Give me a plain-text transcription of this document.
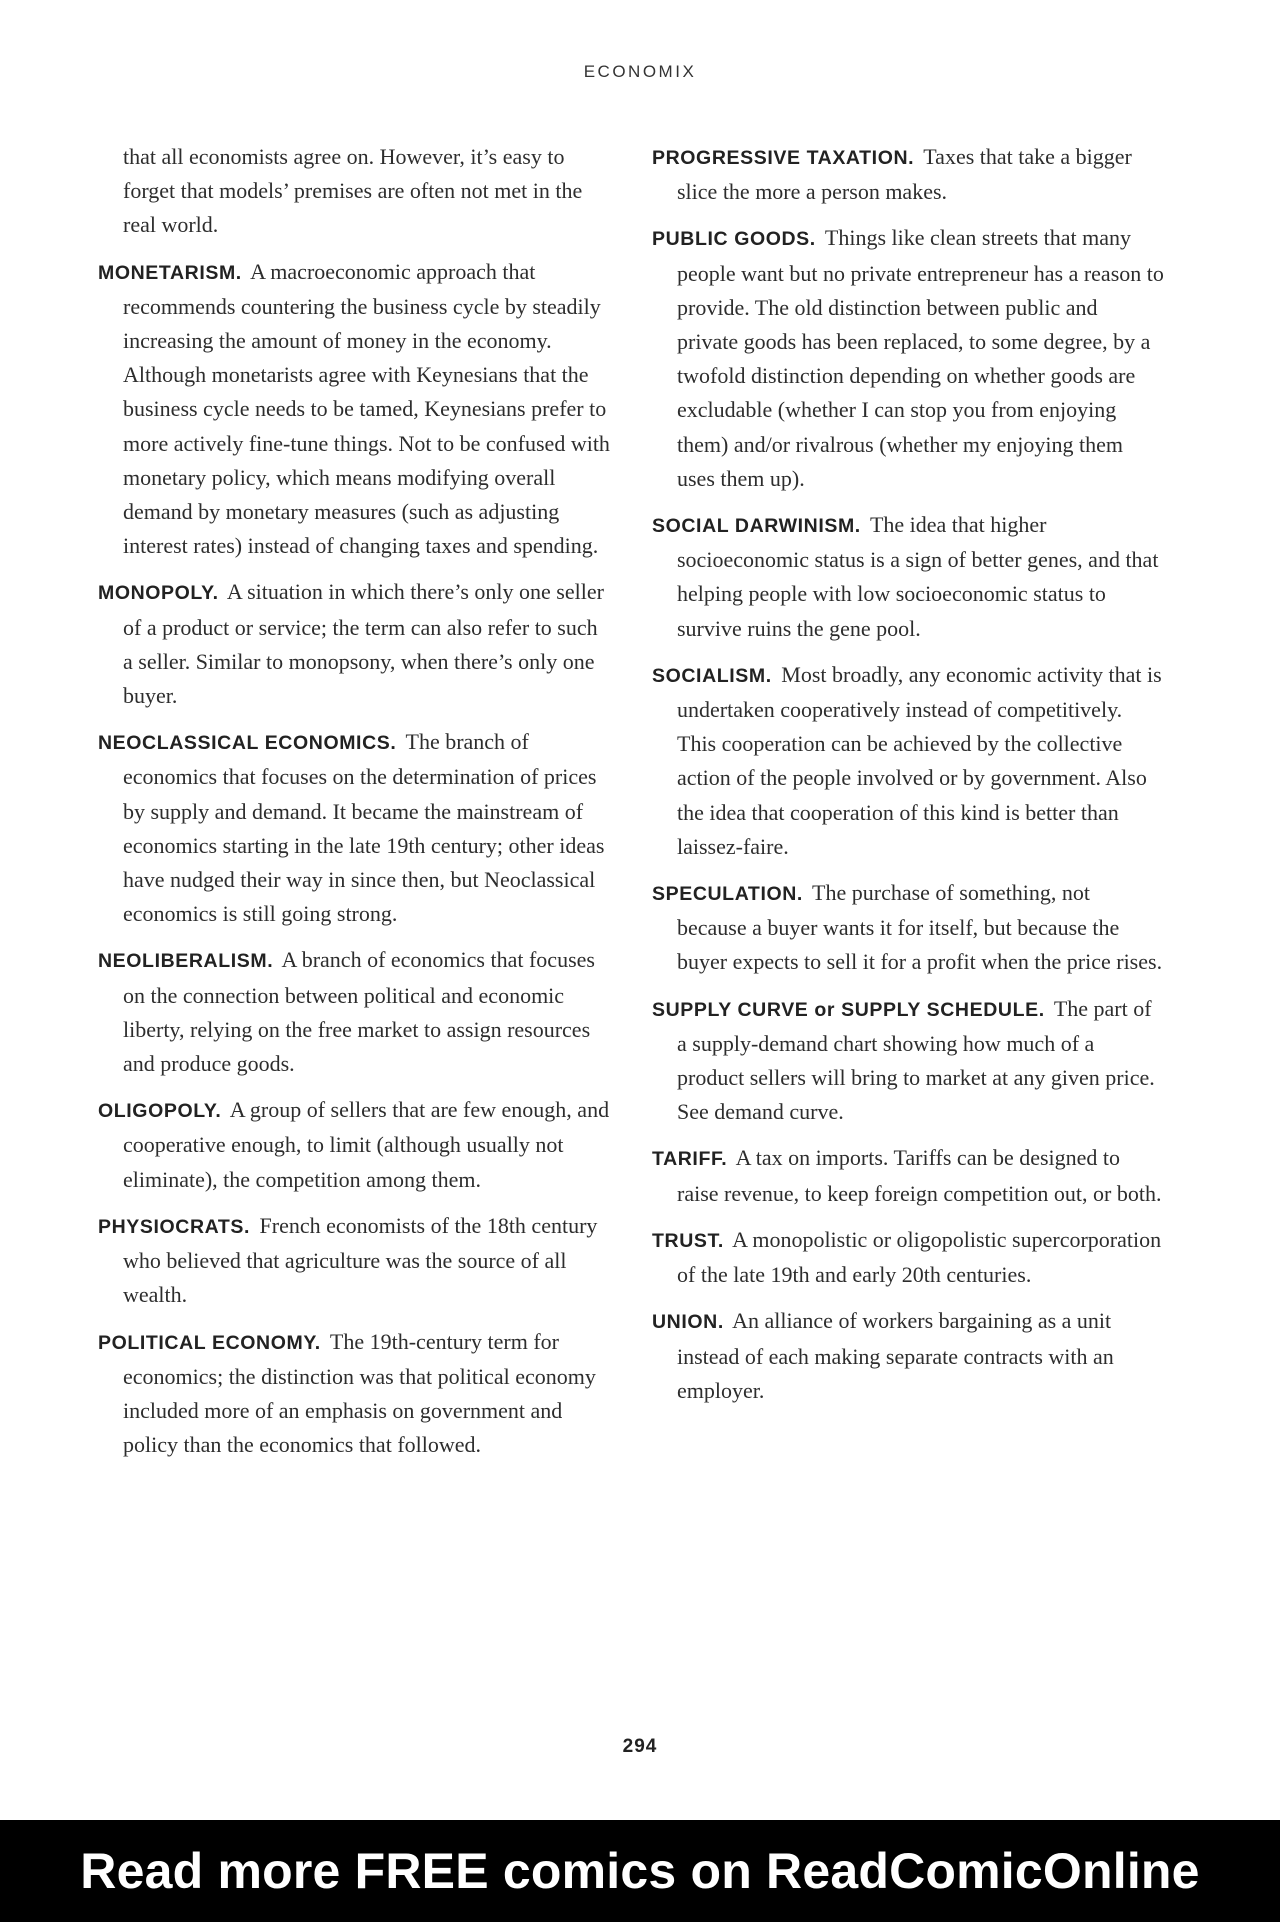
ECONOMIX

that all economists agree on. However, it’s easy to forget that models’ premises are often not met in the real world.

MONETARISM. A macroeconomic approach that recommends countering the business cycle by steadily increasing the amount of money in the economy. Although monetarists agree with Keynesians that the business cycle needs to be tamed, Keynesians prefer to more actively fine-tune things. Not to be confused with monetary policy, which means modifying overall demand by monetary measures (such as adjusting interest rates) instead of changing taxes and spending.

MONOPOLY. A situation in which there’s only one seller of a product or service; the term can also refer to such a seller. Similar to monopsony, when there’s only one buyer.

NEOCLASSICAL ECONOMICS. The branch of economics that focuses on the determination of prices by supply and demand. It became the mainstream of economics starting in the late 19th century; other ideas have nudged their way in since then, but Neoclassical economics is still going strong.

NEOLIBERALISM. A branch of economics that focuses on the connection between political and economic liberty, relying on the free market to assign resources and produce goods.

OLIGOPOLY. A group of sellers that are few enough, and cooperative enough, to limit (although usually not eliminate), the competition among them.

PHYSIOCRATS. French economists of the 18th century who believed that agriculture was the source of all wealth.

POLITICAL ECONOMY. The 19th-century term for economics; the distinction was that political economy included more of an emphasis on government and policy than the economics that followed.

PROGRESSIVE TAXATION. Taxes that take a bigger slice the more a person makes.

PUBLIC GOODS. Things like clean streets that many people want but no private entrepreneur has a reason to provide. The old distinction between public and private goods has been replaced, to some degree, by a twofold distinction depending on whether goods are excludable (whether I can stop you from enjoying them) and/or rivalrous (whether my enjoying them uses them up).

SOCIAL DARWINISM. The idea that higher socioeconomic status is a sign of better genes, and that helping people with low socioeconomic status to survive ruins the gene pool.

SOCIALISM. Most broadly, any economic activity that is undertaken cooperatively instead of competitively. This cooperation can be achieved by the collective action of the people involved or by government. Also the idea that cooperation of this kind is better than laissez-faire.

SPECULATION. The purchase of something, not because a buyer wants it for itself, but because the buyer expects to sell it for a profit when the price rises.

SUPPLY CURVE or SUPPLY SCHEDULE. The part of a supply-demand chart showing how much of a product sellers will bring to market at any given price. See demand curve.

TARIFF. A tax on imports. Tariffs can be designed to raise revenue, to keep foreign competition out, or both.

TRUST. A monopolistic or oligopolistic supercorporation of the late 19th and early 20th centuries.

UNION. An alliance of workers bargaining as a unit instead of each making separate contracts with an employer.

294
Read more FREE comics on ReadComicOnline
